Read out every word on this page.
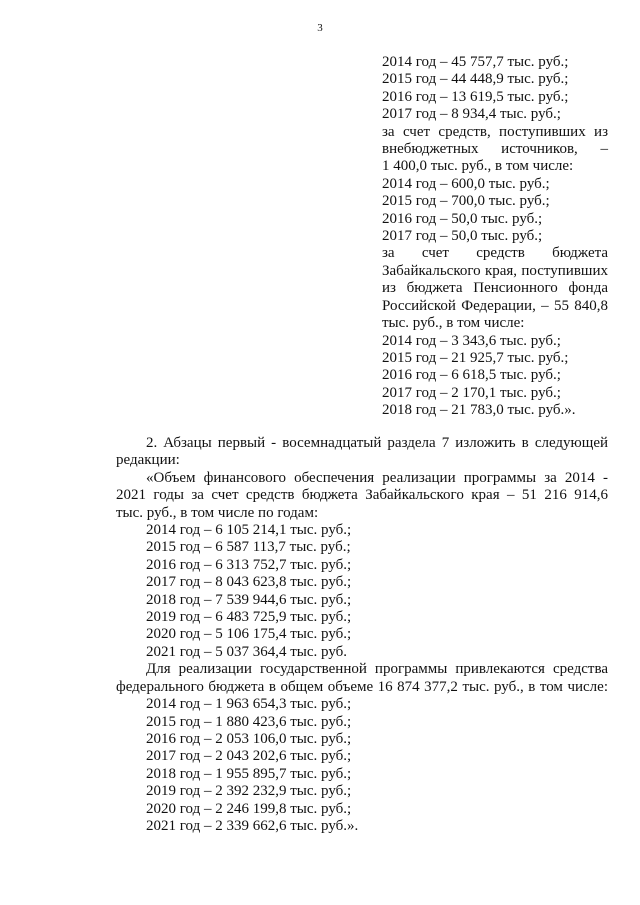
3
2014 год – 45 757,7 тыс. руб.;
2015 год – 44 448,9 тыс. руб.;
2016 год – 13 619,5 тыс. руб.;
2017 год – 8 934,4 тыс. руб.;
за счет средств, поступивших из
внебюджетных источников, –
1 400,0 тыс. руб., в том числе:
2014 год – 600,0 тыс. руб.;
2015 год – 700,0 тыс. руб.;
2016 год – 50,0 тыс. руб.;
2017 год – 50,0 тыс. руб.;
за счет средств бюджета
Забайкальского края, поступивших
из бюджета Пенсионного фонда
Российской Федерации, – 55 840,8
тыс. руб., в том числе:
2014 год – 3 343,6 тыс. руб.;
2015 год – 21 925,7 тыс. руб.;
2016 год – 6 618,5 тыс. руб.;
2017 год – 2 170,1 тыс. руб.;
2018 год – 21 783,0 тыс. руб.».
2. Абзацы первый - восемнадцатый раздела 7 изложить в следующей
редакции:
«Объем финансового обеспечения реализации программы за 2014 -
2021 годы за счет средств бюджета Забайкальского края – 51 216 914,6
тыс. руб., в том числе по годам:
2014 год – 6 105 214,1 тыс. руб.;
2015 год – 6 587 113,7 тыс. руб.;
2016 год – 6 313 752,7 тыс. руб.;
2017 год – 8 043 623,8 тыс. руб.;
2018 год – 7 539 944,6 тыс. руб.;
2019 год – 6 483 725,9 тыс. руб.;
2020 год – 5 106 175,4 тыс. руб.;
2021 год – 5 037 364,4 тыс. руб.
Для реализации государственной программы привлекаются средства
федерального бюджета в общем объеме 16 874 377,2 тыс. руб., в том числе:
2014 год – 1 963 654,3 тыс. руб.;
2015 год – 1 880 423,6 тыс. руб.;
2016 год – 2 053 106,0 тыс. руб.;
2017 год – 2 043 202,6 тыс. руб.;
2018 год – 1 955 895,7 тыс. руб.;
2019 год – 2 392 232,9 тыс. руб.;
2020 год – 2 246 199,8 тыс. руб.;
2021 год – 2 339 662,6 тыс. руб.».
